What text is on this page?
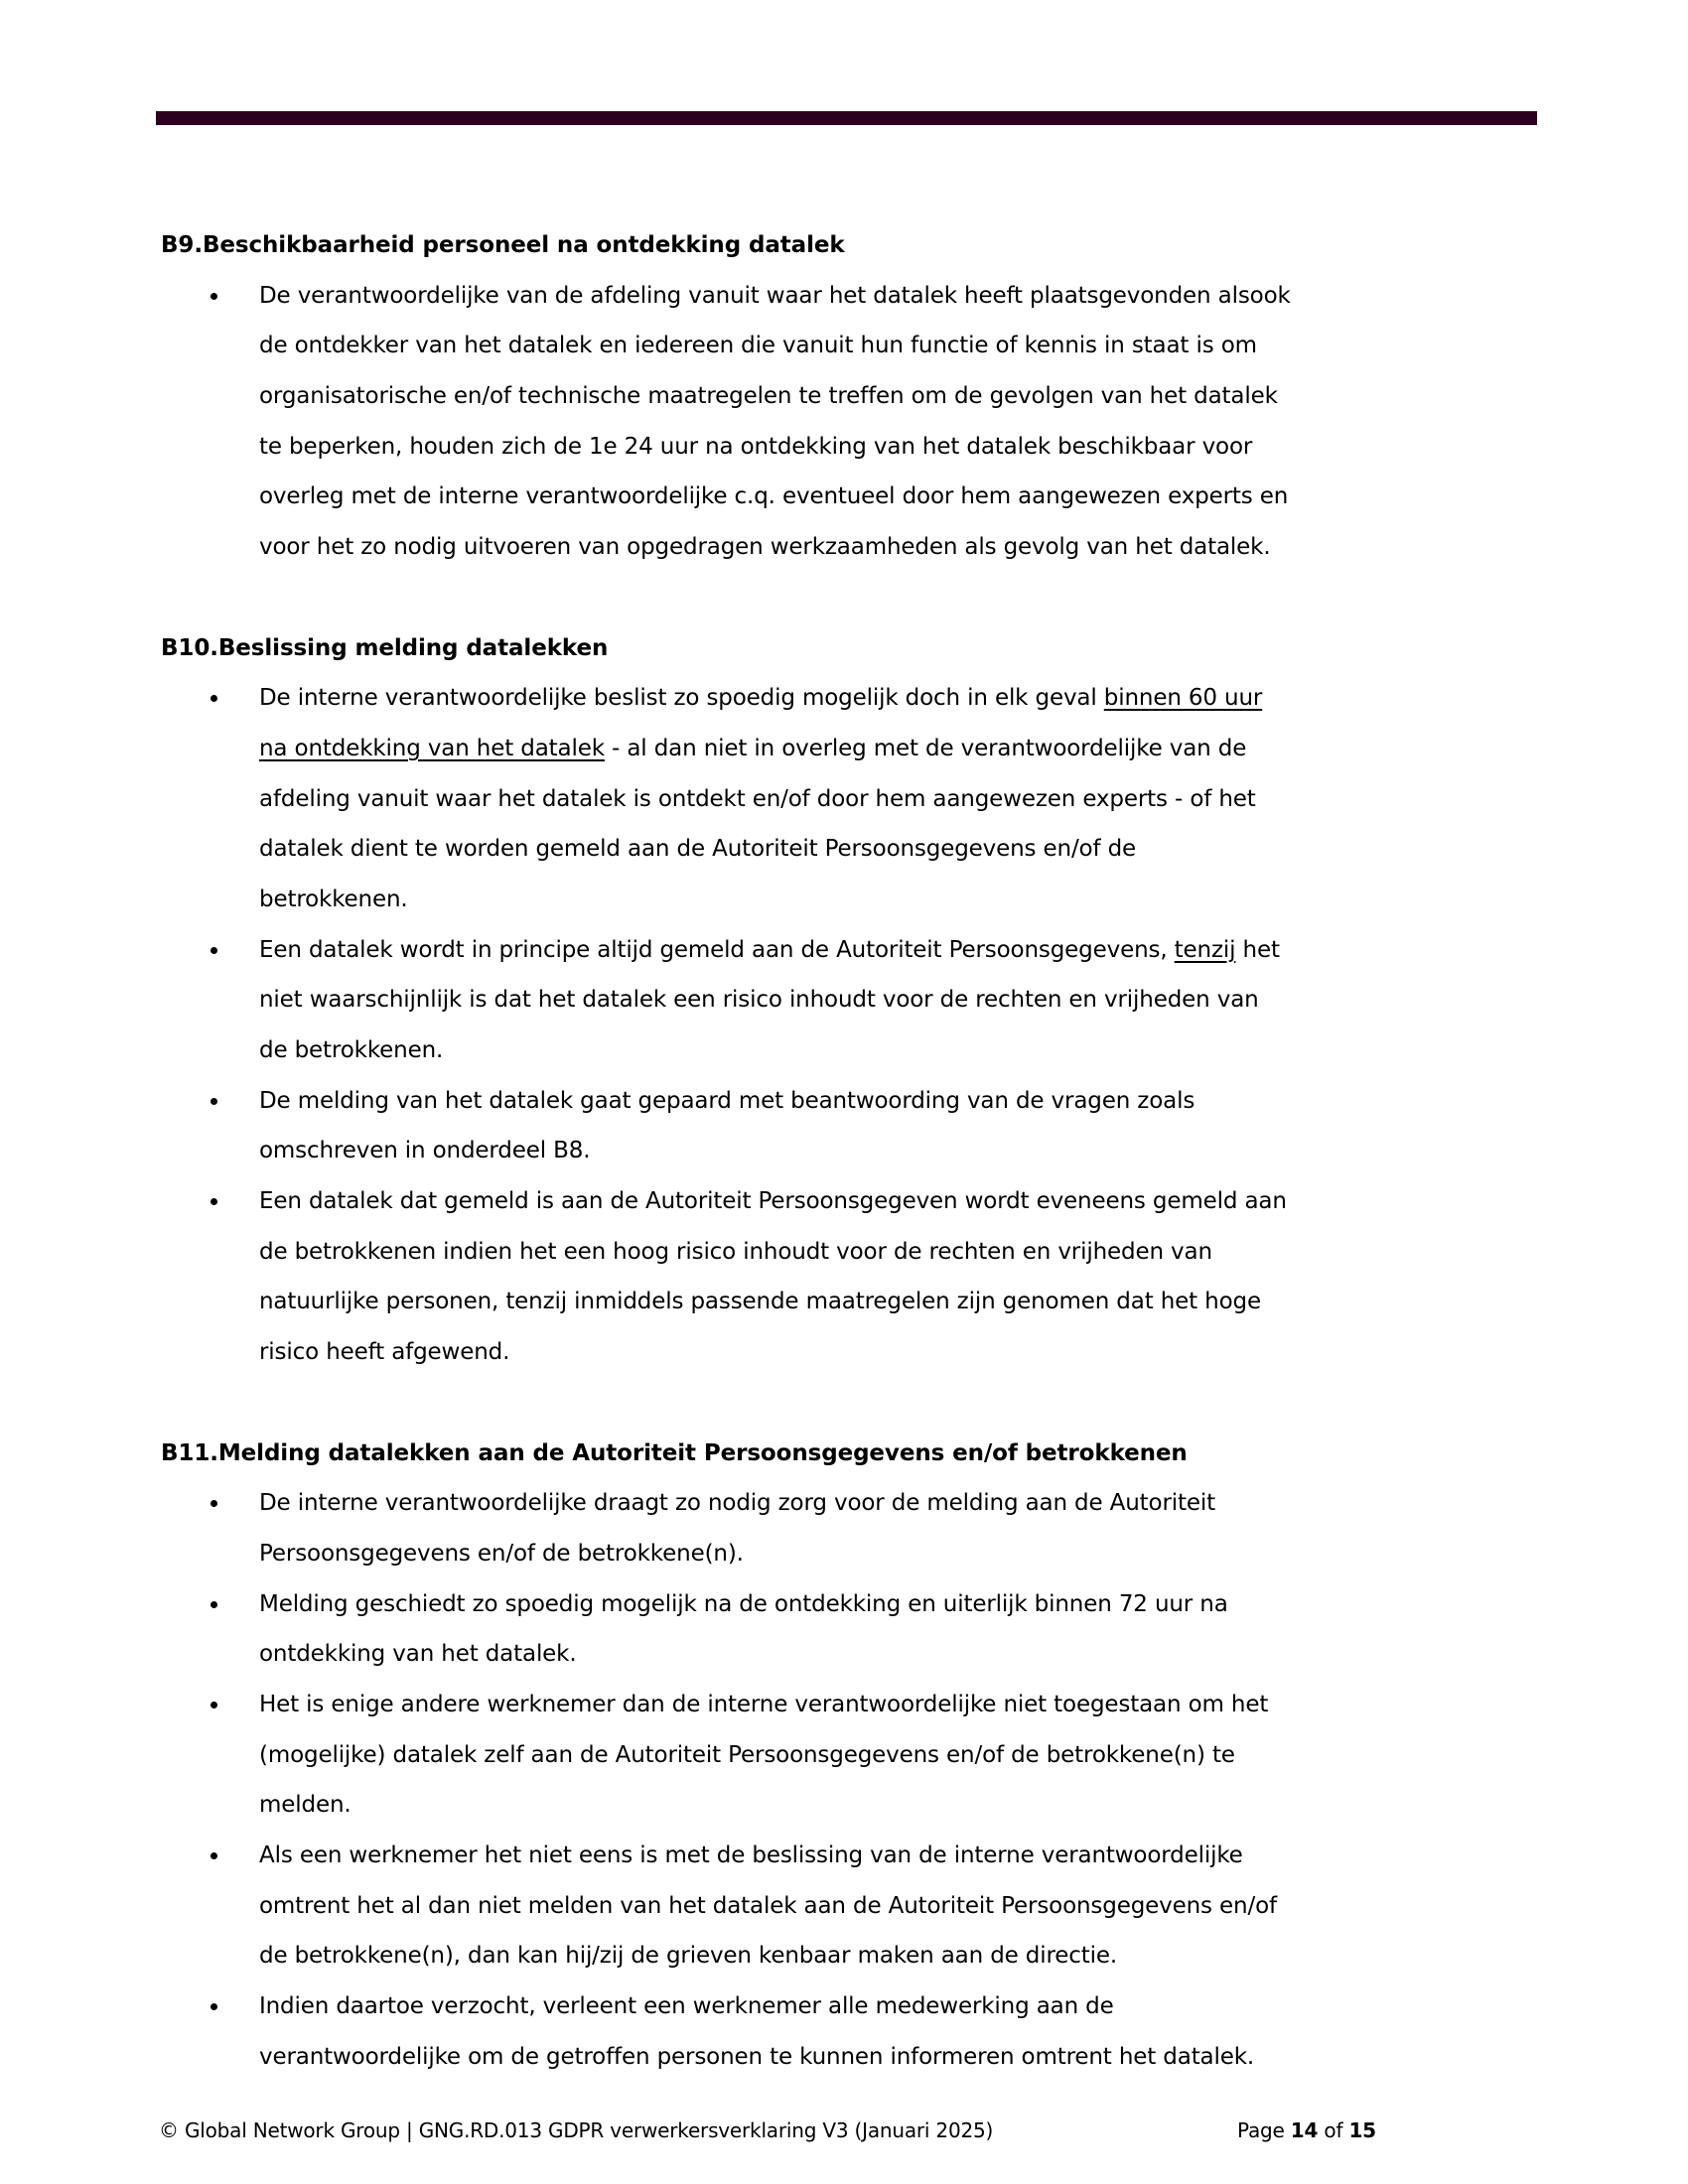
B9.Beschikbaarheid personeel na ontdekking datalek
De verantwoordelijke van de afdeling vanuit waar het datalek heeft plaatsgevonden alsook
de ontdekker van het datalek en iedereen die vanuit hun functie of kennis in staat is om
organisatorische en/of technische maatregelen te treffen om de gevolgen van het datalek
te beperken, houden zich de 1e 24 uur na ontdekking van het datalek beschikbaar voor
overleg met de interne verantwoordelijke c.q. eventueel door hem aangewezen experts en
voor het zo nodig uitvoeren van opgedragen werkzaamheden als gevolg van het datalek.
B10.Beslissing melding datalekken
De interne verantwoordelijke beslist zo spoedig mogelijk doch in elk geval binnen 60 uur
na ontdekking van het datalek - al dan niet in overleg met de verantwoordelijke van de
afdeling vanuit waar het datalek is ontdekt en/of door hem aangewezen experts - of het
datalek dient te worden gemeld aan de Autoriteit Persoonsgegevens en/of de
betrokkenen.
Een datalek wordt in principe altijd gemeld aan de Autoriteit Persoonsgegevens, tenzij het
niet waarschijnlijk is dat het datalek een risico inhoudt voor de rechten en vrijheden van
de betrokkenen.
De melding van het datalek gaat gepaard met beantwoording van de vragen zoals
omschreven in onderdeel B8.
Een datalek dat gemeld is aan de Autoriteit Persoonsgegeven wordt eveneens gemeld aan
de betrokkenen indien het een hoog risico inhoudt voor de rechten en vrijheden van
natuurlijke personen, tenzij inmiddels passende maatregelen zijn genomen dat het hoge
risico heeft afgewend.
B11.Melding datalekken aan de Autoriteit Persoonsgegevens en/of betrokkenen
De interne verantwoordelijke draagt zo nodig zorg voor de melding aan de Autoriteit
Persoonsgegevens en/of de betrokkene(n).
Melding geschiedt zo spoedig mogelijk na de ontdekking en uiterlijk binnen 72 uur na
ontdekking van het datalek.
Het is enige andere werknemer dan de interne verantwoordelijke niet toegestaan om het
(mogelijke) datalek zelf aan de Autoriteit Persoonsgegevens en/of de betrokkene(n) te
melden.
Als een werknemer het niet eens is met de beslissing van de interne verantwoordelijke
omtrent het al dan niet melden van het datalek aan de Autoriteit Persoonsgegevens en/of
de betrokkene(n), dan kan hij/zij de grieven kenbaar maken aan de directie.
Indien daartoe verzocht, verleent een werknemer alle medewerking aan de
verantwoordelijke om de getroffen personen te kunnen informeren omtrent het datalek.
© Global Network Group | GNG.RD.013 GDPR verwerkersverklaring V3 (Januari 2025)	Page 14 of 15
